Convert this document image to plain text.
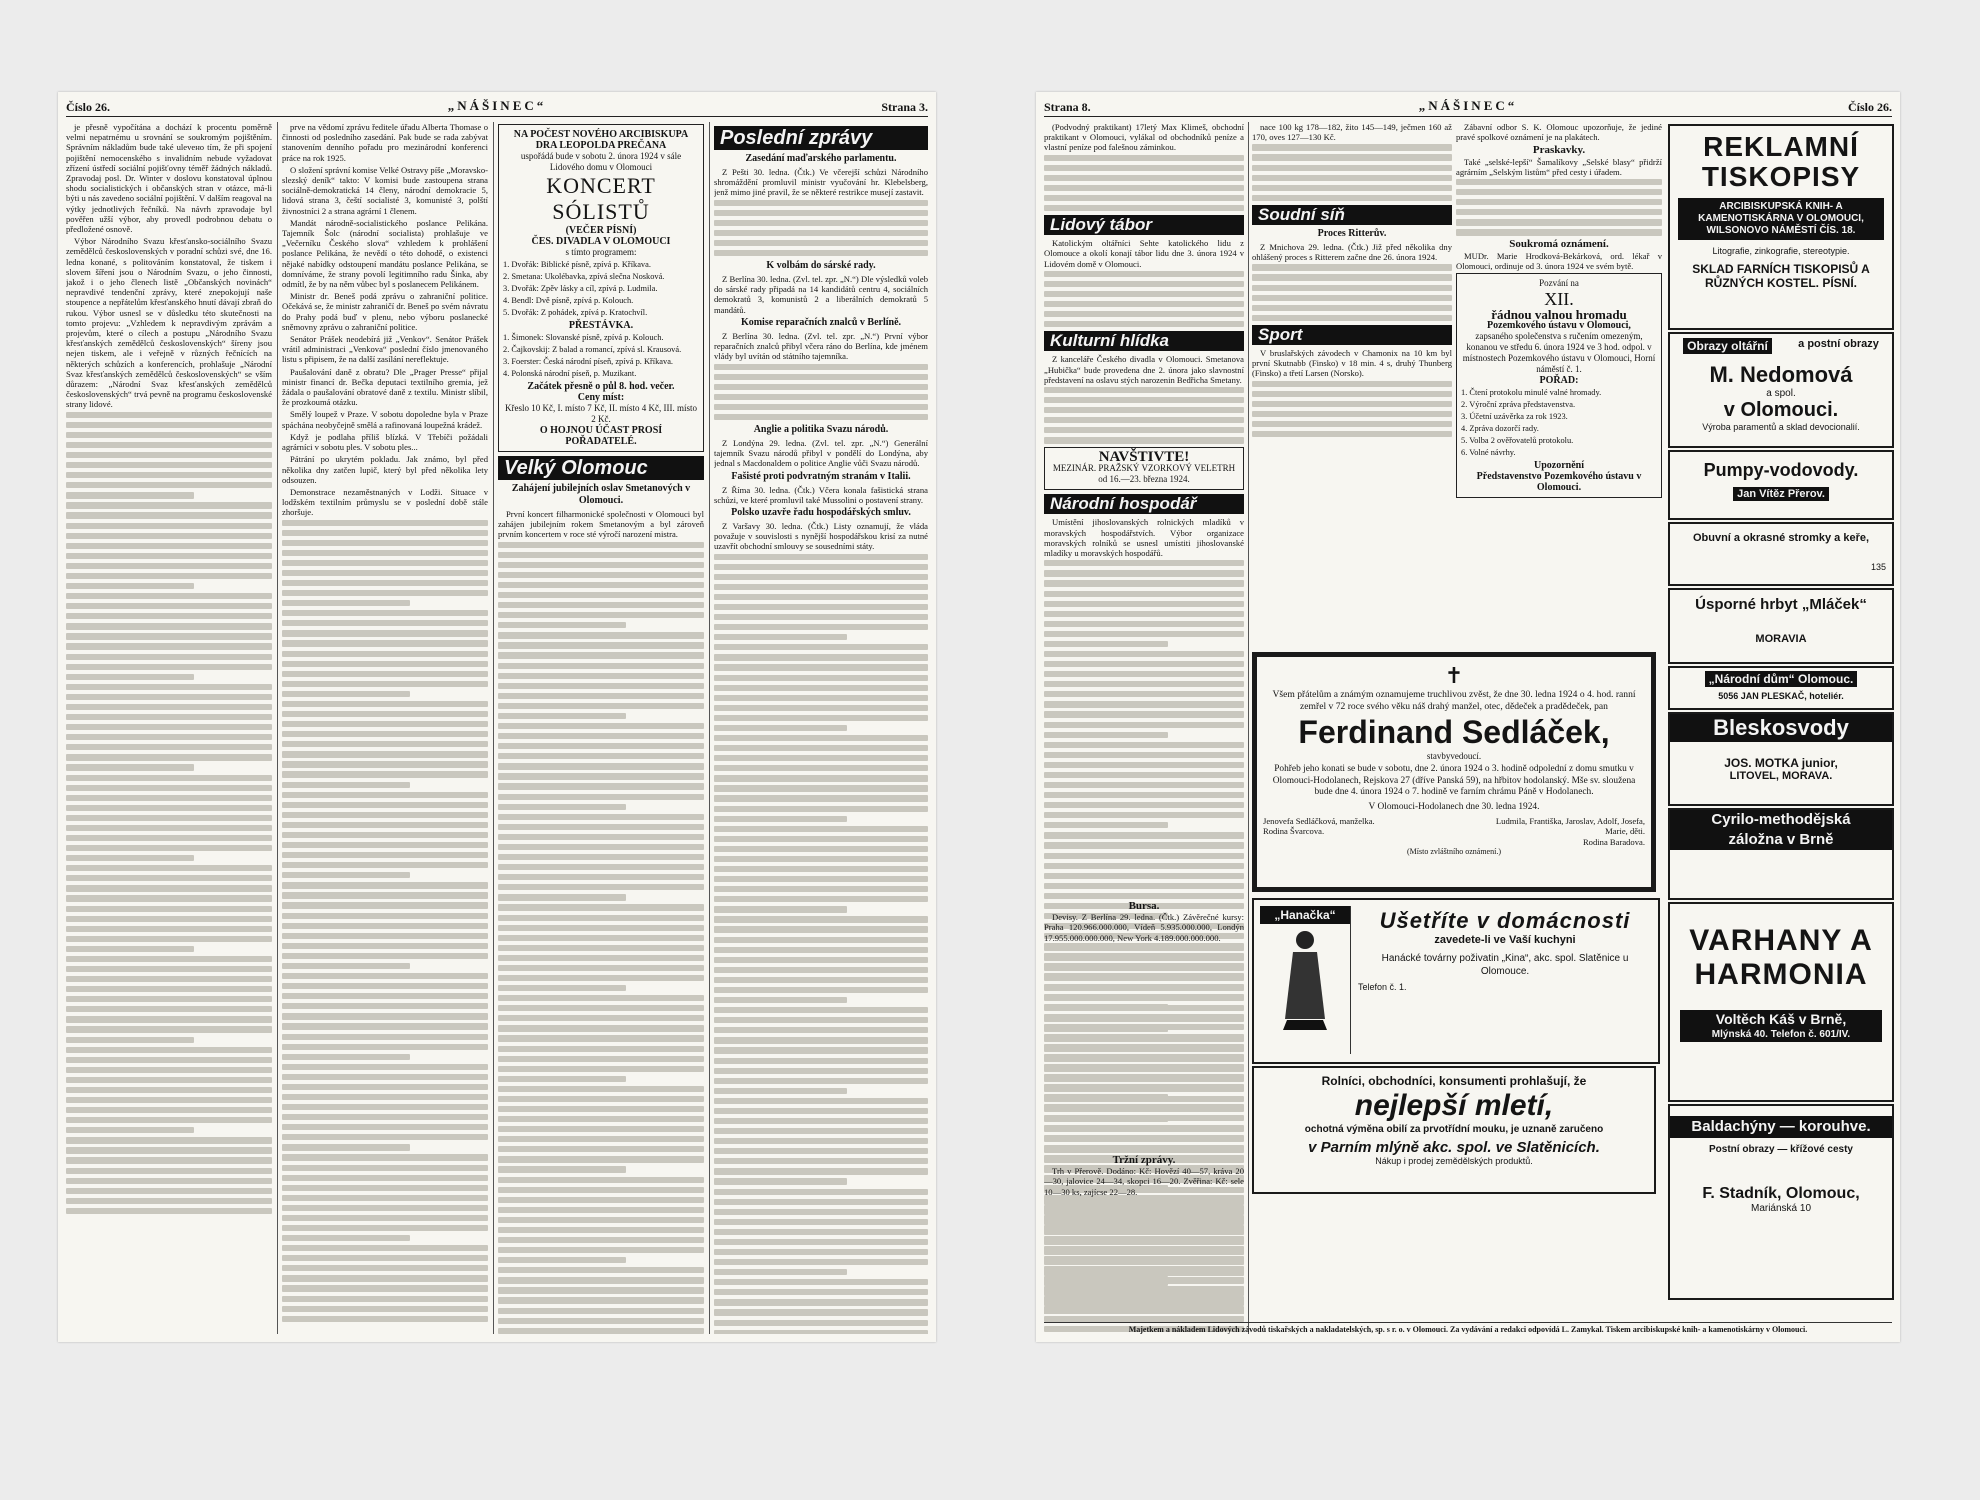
Číslo 26.	„NÁŠINEC“	Strana 3.

je přesně vypočítána a dochází k procentu poměrně velmi nepatrnému u srovnání se soukromým pojištěním. Správním nákladům bude také ulevено tím, že při spojení pojištění nemocenského s invalidním nebude vyžadovat zřízení ústředí sociální pojišťovny téměř žádných nákladů. Zpravodaj posl. Dr. Winter v doslovu konstatoval úplnou shodu socialistických i občanských stran v otázce, má-li býti u nás zavedeno sociální pojištění. V dalším reagoval na výtky jednotlivých řečníků. Na návrh zpravodaje byl pověřen užší výbor, aby provedl podrobnou debatu o předložené osnově.

Výbor Národního Svazu křesťansko-sociálního Svazu zemědělců československých v poradní schůzi své, dne 16. ledna konané, s politováním konstatoval, že tiskem i slovem šíření jsou o Národním Svazu, o jeho činnosti, jakož i o jeho členech listě „Občanských novinách“ nepravdivé tendenční zprávy, které znepokojují naše stoupence a nepřátelům křesťanského hnutí dávají zbraň do rukou. Výbor usnesl se v důsledku této skutečnosti na tomto projevu: „Vzhledem k nepravdivým zprávám a projevům, které o cílech a postupu „Národního Svazu křesťanských zemědělců československých“ šíreny jsou nejen tiskem, ale i veřejně v různých řečnících na některých schůzích a konferencích, prohlašuje „Národní Svaz křesťanských zemědělců československých“ se vším důrazem: „Národní Svaz křesťanských zemědělců československých“ trvá pevně na programu československé strany lidové.

prve na vědomí zprávu ředitele úřadu Alberta Thomase o činnosti od posledního zasedání. Pak bude se rada zabývat stanovením denního pořadu pro mezinárodní konferenci práce na rok 1925.

O složení správní komise Velké Ostravy píše „Moravsko-slezský deník“ takto: V komisi bude zastoupena strana sociálně-demokratická 14 členy, národní demokracie 5, lidová strana 3, čeští socialisté 3, komunisté 3, polští živnostníci 2 a strana agrární 1 členem.

Mandát národně-socialistického poslance Pelikána. Tajemník Šolc (národní socialista) prohlašuje ve „Večerníku Českého slova“ vzhledem k prohlášení poslance Pelikána, že nevědí o této dohodě, o existenci nějaké nabídky odstoupení mandátu poslance Pelikána, se domníváme, že strany povolí legitimního radu Šinka, aby odmítl, že by na něm vůbec byl s poslanecem Pelikánem.

Ministr dr. Beneš podá zprávu o zahraniční politice. Očekává se, že ministr zahraničí dr. Beneš po svém návratu do Prahy podá buď v plenu, nebo výboru poslanecké sněmovny zprávu o zahraniční politice.

Senátor Prášek neodebírá již „Venkov“. Senátor Prášek vrátil administraci „Venkova“ poslední číslo jmenovaného listu s připisem, že na další zasílání nereflektuje.

Paušalování daně z obratu? Dle „Prager Presse“ přijal ministr financí dr. Bečka deputaci textilního gremia, jež žádala o paušalování obratové daně z textilu. Ministr slíbil, že prozkoumá otázku.

Smělý loupež v Praze. V sobotu dopoledne byla v Praze spáchána neobyčejně smělá a rafinovaná loupežná krádež.

Když je podlaha příliš blízká. V Třebíči požádali agrárníci v sobotu ples. V sobotu ples...

Pátrání po ukrytém pokladu. Jak známo, byl před několika dny zatčen lupič, který byl před několika lety odsouzen.

Demonstrace nezaměstnaných v Lodži. Situace v lodžském textilním průmyslu se v poslední době stále zhoršuje.

NA POČEST NOVÉHO ARCIBISKUPA DRA LEOPOLDA PREČANA
uspořádá bude v sobotu 2. února 1924 v sále Lidového domu v Olomouci
KONCERT SÓLISTŮ
(VEČER PÍSNÍ)
ČES. DIVADLA V OLOMOUCI
s tímto programem:
1. Dvořák: Biblické písně, zpívá p. Kříkava.
2. Smetana: Ukolébavka, zpívá slečna Nosková.
3. Dvořák: Zpěv lásky a cíl, zpívá p. Ludmila.
4. Bendl: Dvě písně, zpívá p. Kolouch.
5. Dvořák: Z pohádek, zpívá p. Kratochvíl.
PŘESTÁVKA.
1. Šimonek: Slovanské písně, zpívá p. Kolouch.
2. Čajkovskij: Z balad a romancí, zpívá sl. Krausová.
3. Foerster: Česká národní píseň, zpívá p. Kříkava.
4. Polonská národní píseň, p. Muzikant.
Začátek přesně o půl 8. hod. večer.
Ceny míst:
Křeslo 10 Kč, I. místo 7 Kč, II. místo 4 Kč, III. místo 2 Kč.
O HOJNOU ÚČAST PROSÍ POŘADATELÉ.
Velký Olomouc
Zahájení jubilejních oslav Smetanových v Olomouci.

První koncert filharmonické společnosti v Olomouci byl zahájen jubilejním rokem Smetanovým a byl zároveň prvním koncertem v roce sté výročí narození mistra.

Poslední zprávy
Zasedání maďarského parlamentu.

Z Pešti 30. ledna. (Čtk.) Ve včerejší schůzi Národního shromáždění promluvil ministr vyučování hr. Klebelsberg, jenž mimo jiné pravil, že se některé restrikce musejí zastavit.

K volbám do sárské rady.

Z Berlína 30. ledna. (Zvl. tel. zpr. „N.“) Dle výsledků voleb do sárské rady připadá na 14 kandidátů centru 4, sociálních demokratů 3, komunistů 2 a liberálních demokratů 5 mandátů.

Komise reparačních znalců v Berlíně.

Z Berlína 30. ledna. (Zvl. tel. zpr. „N.“) První výbor reparačních znalců přibyl včera ráno do Berlína, kde jménem vlády byl uvítán od státního tajemníka.

Anglie a politika Svazu národů.

Z Londýna 29. ledna. (Zvl. tel. zpr. „N.“) Generální tajemník Svazu národů přibyl v pondělí do Londýna, aby jednal s Macdonaldem o politice Anglie vůči Svazu národů.

Fašisté proti podvratným stranám v Italii.

Z Říma 30. ledna. (Čtk.) Včera konala fašistická strana schůzi, ve které promluvil také Mussolini o postavení strany.

Polsko uzavře řadu hospodářských smluv.

Z Varšavy 30. ledna. (Čtk.) Listy oznamují, že vláda považuje v souvislosti s nynější hospodářskou krisí za nutné uzavřít obchodní smlouvy se sousedními státy.

Strana 8.	„NÁŠINEC“	Číslo 26.

(Podvodný praktikant) 17letý Max Klimeš, obchodní praktikant v Olomouci, vylákal od obchodníků peníze a vlastní peníze pod falešnou záminkou.

Lidový tábor

Katolickým oltářníci Sehte katolického lidu z Olomouce a okolí konají tábor lidu dne 3. února 1924 v Lidovém domě v Olomouci.

Kulturní hlídka

Z kanceláře Českého divadla v Olomouci. Smetanova „Hubička“ bude provedena dne 2. února jako slavnostní představení na oslavu stých narozenin Bedřicha Smetany.

NAVŠTIVTE!
MEZINÁR. PRAŽSKÝ VZORKOVÝ VELETRH
od 16.—23. března 1924.
Národní hospodář

Umístění jihoslovanských rolnických mladíků v moravských hospodářstvích. Výbor organizace moravských rolníků se usnesl umístiti jihoslovanské mladíky u moravských hospodářů.

nace 100 kg 178—182, žito 145—149, ječmen 160 až 170, oves 127—130 Kč.

Soudní síň
Proces Ritterův.

Z Mnichova 29. ledna. (Čtk.) Již před několika dny ohlášený proces s Ritterem začne dne 26. února 1924.

Sport

V bruslařských závodech v Chamonix na 10 km byl první Skutnabb (Finsko) v 18 min. 4 s, druhý Thunberg (Finsko) a třetí Larsen (Norsko).

Zábavní odbor S. K. Olomouc upozorňuje, že jediné pravé spolkové oznámení je na plakátech.

Praskavky.

Také „selské-lepší“ Šamalíkovy „Selské blasy“ přidrží agrárním „Selským listům“ před cesty i úřadem.

Soukromá oznámení.

MUDr. Marie Hrodková-Bekárková, ord. lékař v Olomouci, ordinuje od 3. února 1924 ve svém bytě.

Pozvání na
XII.
řádnou valnou hromadu
Pozemkového ústavu v Olomouci,
zapsaného společenstva s ručením omezeným,
konanou ve středu 6. února 1924 ve 3 hod. odpol. v místnostech Pozemkového ústavu v Olomouci, Horní náměstí č. 1.
POŘAD:
1. Čtení protokolu minulé valné hromady.
2. Výroční zpráva představenstva.
3. Účetní uzávěrka za rok 1923.
4. Zpráva dozorčí rady.
5. Volba 2 ověřovatelů protokolu.
6. Volné návrhy.
Upozornění
Představenstvo Pozemkového ústavu v Olomouci.
✝
Všem přátelům a známým oznamujeme truchlivou zvěst, že dne 30. ledna 1924 o 4. hod. ranní zemřel v 72 roce svého věku náš drahý manžel, otec, dědeček a pradědeček, pan
Ferdinand Sedláček,
stavbyvedoucí.
Pohřeb jeho konati se bude v sobotu, dne 2. února 1924 o 3. hodině odpolední z domu smutku v Olomouci-Hodolanech, Rejskova 27 (dříve Panská 59), na hřbitov hodolanský. Mše sv. sloužena bude dne 4. února 1924 o 7. hodině ve farním chrámu Páně v Hodolanech.
V Olomouci-Hodolanech dne 30. ledna 1924.
Jenovefa Sedláčková, manželka.
Rodina Švarcova.
Ludmila, Františka, Jaroslav, Adolf, Josefa, Marie, děti.
Rodina Baradova.
(Místo zvláštního oznámení.)
Bursa.

Devisy. Z Berlína 29. ledna. (Čtk.) Závěrečné kursy: Praha 120.966.000.000, Vídeň 5.935.000.000, Londýn 17.955.000.000.000, New York 4.189.000.000.000.

„Hanačka“	Ušetříte v domácnosti
zavedete-li ve Vaší kuchyni
Hanácké továrny poživatin „Kina“, akc. spol. Slatěnice u Olomouce.
Telefon č. 1.
Rolníci, obchodníci, konsumenti prohlašují, že
nejlepší mletí,
ochotná výměna obilí za prvotřídní mouku, je uznaně zaručeno
v Parním mlýně akc. spol. ve Slatěnicích.
Nákup i prodej zemědělských produktů.
Tržní zprávy.

Trh v Přerově. Dodáno: Kč: Hovězí 40—57, kráva 20—30, jalovice 24—34, skopci 16—20. Zvěřina: Kč: sele 10—30 ks, zajícse 22—28.

REKLAMNÍ
TISKOPISY
ARCIBISKUPSKÁ KNIH- A KAMENOTISKÁRNA V OLOMOUCI, WILSONOVO NÁMĚSTÍ ČÍS. 18.
Litografie, zinkografie, stereotypie.
SKLAD FARNÍCH TISKOPISŮ A RŮZNÝCH KOSTEL. PÍSNÍ.
Obrazy oltářní	a postní obrazy
M. Nedomová
a spol.
v Olomouci.
Výroba paramentů a sklad devocionalií.
Pumpy-vodovody.
Jan Vítěz Přerov.
Obuvní a okrasné stromky a keře,
135
Úsporné hrbyt „Mláček“
MORAVIA
„Národní dům“ Olomouc.
5056 JAN PLESKAČ, hoteliér.
Bleskosvody
JOS. MOTKA junior,
LITOVEL, MORAVA.
Cyrilo-methodějská
záložna v Brně
VARHANY A
HARMONIA
Voltěch Káš v Brně,
Mlýnská 40. Telefon č. 601/IV.
Baldachýny — korouhve.
Postní obrazy — křížové cesty
F. Stadník, Olomouc,
Mariánská 10
Majetkem a nákladem Lidových závodů tiskařských a nakladatelských, sp. s r. o. v Olomouci. Za vydávání a redakci odpovídá L. Zamykal. Tiskem arcibiskupské knih- a kamenotiskárny v Olomouci.
